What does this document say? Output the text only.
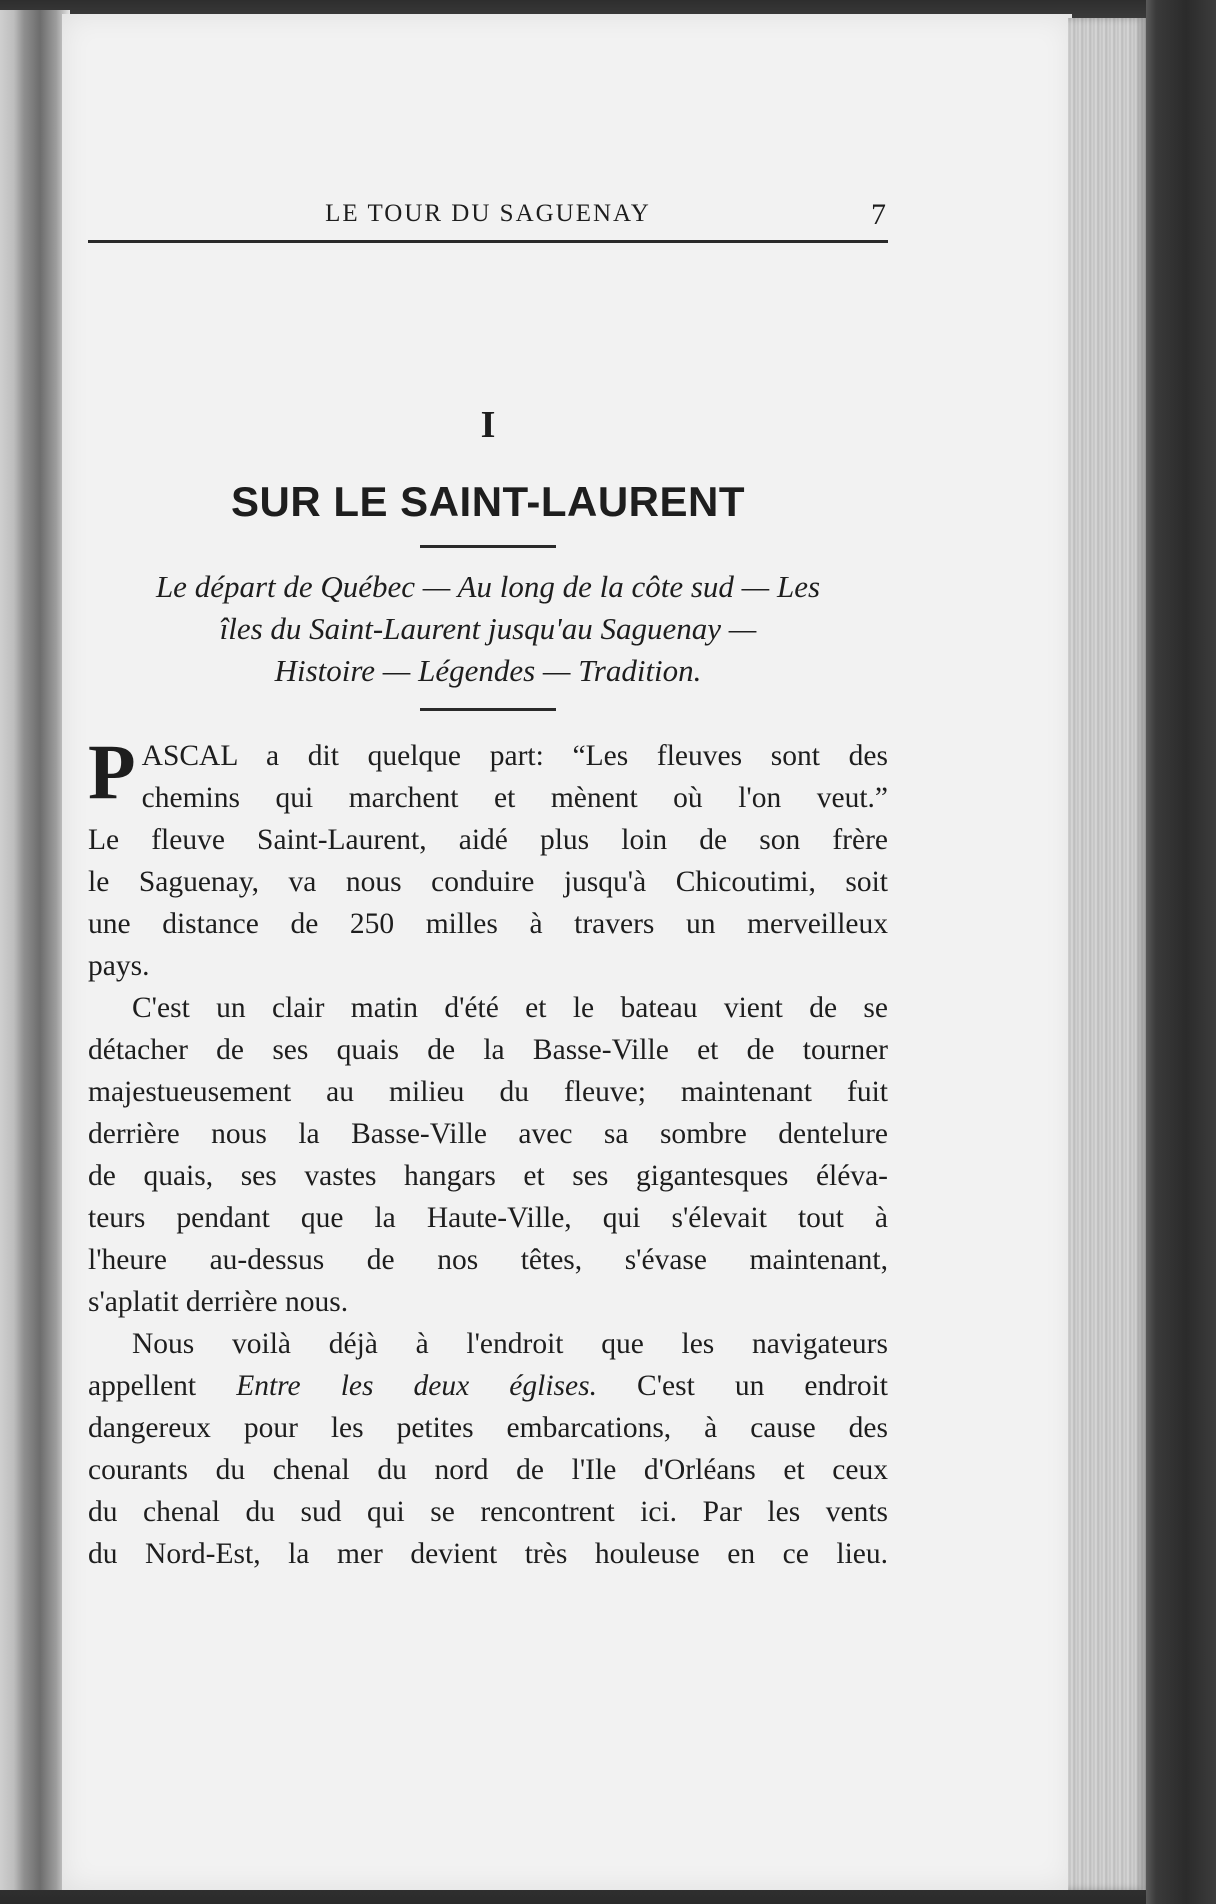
LE TOUR DU SAGUENAY	7
I
SUR LE SAINT-LAURENT
Le départ de Québec — Au long de la côte sud — Les
îles du Saint-Laurent jusqu'au Saguenay —
Histoire — Légendes — Tradition.
P ASCAL a dit quelque part: “Les fleuves sont des
chemins qui marchent et mènent où l'on veut.”
Le fleuve Saint-Laurent, aidé plus loin de son frère
le Saguenay, va nous conduire jusqu'à Chicoutimi, soit
une distance de 250 milles à travers un merveilleux
pays.
C'est un clair matin d'été et le bateau vient de se
détacher de ses quais de la Basse-Ville et de tourner
majestueusement au milieu du fleuve; maintenant fuit
derrière nous la Basse-Ville avec sa sombre dentelure
de quais, ses vastes hangars et ses gigantesques éléva-
teurs pendant que la Haute-Ville, qui s'élevait tout à
l'heure au-dessus de nos têtes, s'évase maintenant,
s'aplatit derrière nous.
Nous voilà déjà à l'endroit que les navigateurs
appellent Entre les deux églises. C'est un endroit
dangereux pour les petites embarcations, à cause des
courants du chenal du nord de l'Ile d'Orléans et ceux
du chenal du sud qui se rencontrent ici. Par les vents
du Nord-Est, la mer devient très houleuse en ce lieu.
